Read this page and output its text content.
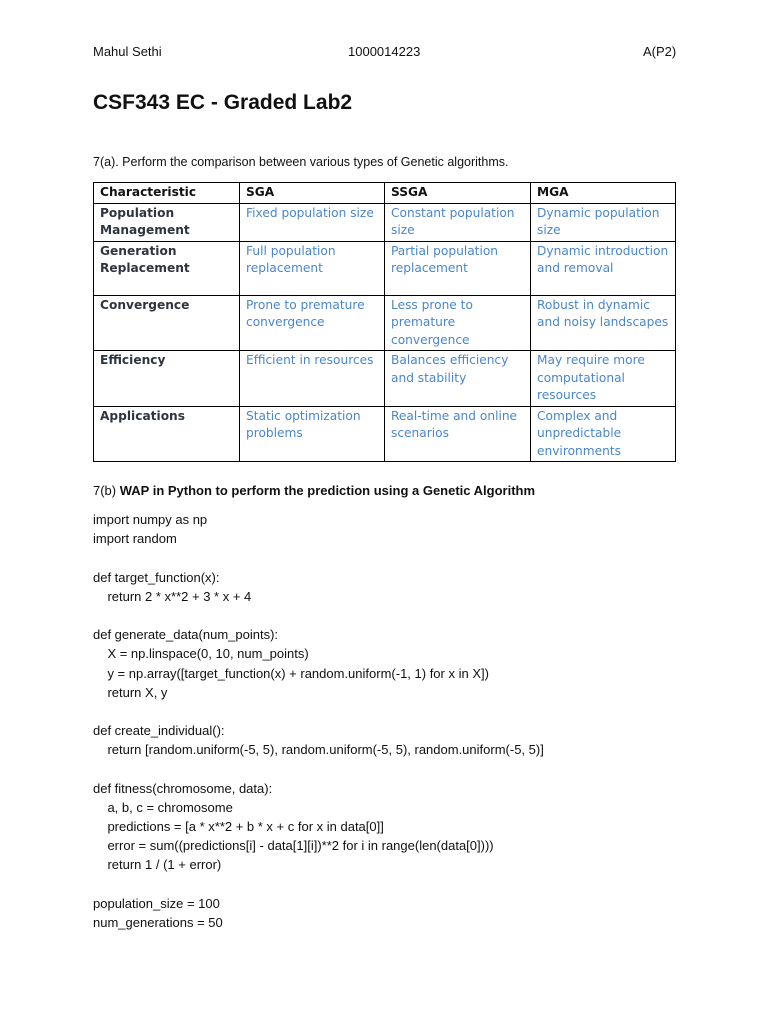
Mahul Sethi	1000014223	A(P2)
CSF343 EC - Graded Lab2
7(a). Perform the comparison between various types of Genetic algorithms.
Characteristic	SGA	SSGA	MGA
Population Management	Fixed population size	Constant population size	Dynamic population size
Generation Replacement	Full population replacement	Partial population replacement	Dynamic introduction and removal
Convergence	Prone to premature convergence	Less prone to premature convergence	Robust in dynamic and noisy landscapes
Efficiency	Efficient in resources	Balances efficiency and stability	May require more computational resources
Applications	Static optimization problems	Real-time and online scenarios	Complex and unpredictable environments
7(b) WAP in Python to perform the prediction using a Genetic Algorithm
import numpy as np
import random
def target_function(x):
return 2 * x**2 + 3 * x + 4
def generate_data(num_points):
X = np.linspace(0, 10, num_points)
y = np.array([target_function(x) + random.uniform(-1, 1) for x in X])
return X, y
def create_individual():
return [random.uniform(-5, 5), random.uniform(-5, 5), random.uniform(-5, 5)]
def fitness(chromosome, data):
a, b, c = chromosome
predictions = [a * x**2 + b * x + c for x in data[0]]
error = sum((predictions[i] - data[1][i])**2 for i in range(len(data[0])))
return 1 / (1 + error)
population_size = 100
num_generations = 50
